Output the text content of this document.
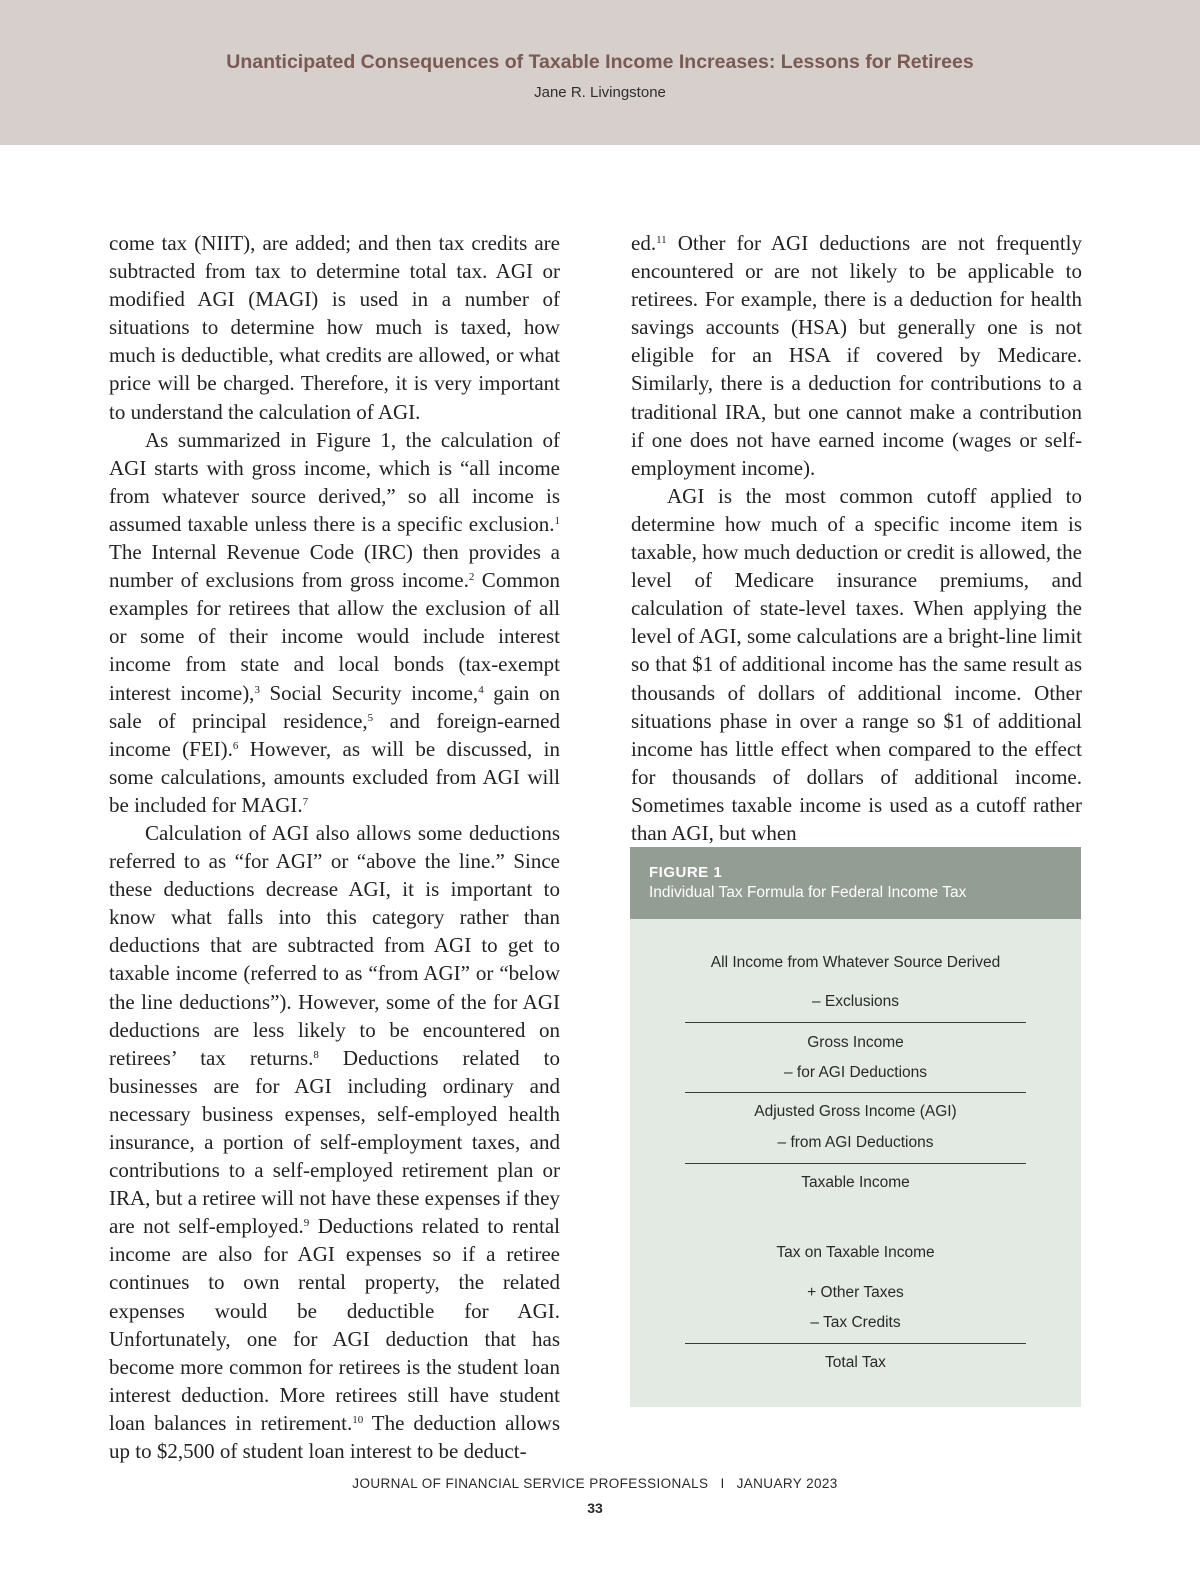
Unanticipated Consequences of Taxable Income Increases: Lessons for Retirees
Jane R. Livingstone

come tax (NIIT), are added; and then tax credits are subtracted from tax to determine total tax. AGI or modified AGI (MAGI) is used in a number of situations to determine how much is taxed, how much is deductible, what credits are allowed, or what price will be charged. Therefore, it is very important to understand the calculation of AGI.

As summarized in Figure 1, the calculation of AGI starts with gross income, which is “all income from whatever source derived,” so all income is assumed taxable unless there is a specific exclusion.$^1$ The Internal Revenue Code (IRC) then provides a number of exclusions from gross income.$^2$ Common examples for retirees that allow the exclusion of all or some of their income would include interest income from state and local bonds (tax-exempt interest income),$^3$ Social Security income,$^4$ gain on sale of principal residence,$^5$ and foreign-earned income (FEI).$^6$ However, as will be discussed, in some calculations, amounts excluded from AGI will be included for MAGI.$^7$

Calculation of AGI also allows some deductions referred to as “for AGI” or “above the line.” Since these deductions decrease AGI, it is important to know what falls into this category rather than deductions that are subtracted from AGI to get to taxable income (referred to as “from AGI” or “below the line deductions”). However, some of the for AGI deductions are less likely to be encountered on retirees’ tax returns.$^8$ Deductions related to businesses are for AGI including ordinary and necessary business expenses, self-employed health insurance, a portion of self-employment taxes, and contributions to a self-employed retirement plan or IRA, but a retiree will not have these expenses if they are not self-employed.$^9$ Deductions related to rental income are also for AGI expenses so if a retiree continues to own rental property, the related expenses would be deductible for AGI. Unfortunately, one for AGI deduction that has become more common for retirees is the student loan interest deduction. More retirees still have student loan balances in retirement.$^{10}$ The deduction allows up to $2,500 of student loan interest to be deduct-

ed.$^{11}$ Other for AGI deductions are not frequently encountered or are not likely to be applicable to retirees. For example, there is a deduction for health savings accounts (HSA) but generally one is not eligible for an HSA if covered by Medicare. Similarly, there is a deduction for contributions to a traditional IRA, but one cannot make a contribution if one does not have earned income (wages or self-employment income).

AGI is the most common cutoff applied to determine how much of a specific income item is taxable, how much deduction or credit is allowed, the level of Medicare insurance premiums, and calculation of state-level taxes. When applying the level of AGI, some calculations are a bright-line limit so that $1 of additional income has the same result as thousands of dollars of additional income. Other situations phase in over a range so $1 of additional income has little effect when compared to the effect for thousands of dollars of additional income. Sometimes taxable income is used as a cutoff rather than AGI, but when

FIGURE 1
Individual Tax Formula for Federal Income Tax
All Income from Whatever Source Derived
– Exclusions
Gross Income
– for AGI Deductions
Adjusted Gross Income (AGI)
– from AGI Deductions
Taxable Income
Tax on Taxable Income
+ Other Taxes
– Tax Credits
Total Tax
JOURNAL OF FINANCIAL SERVICE PROFESSIONALS I JANUARY 2023
33
